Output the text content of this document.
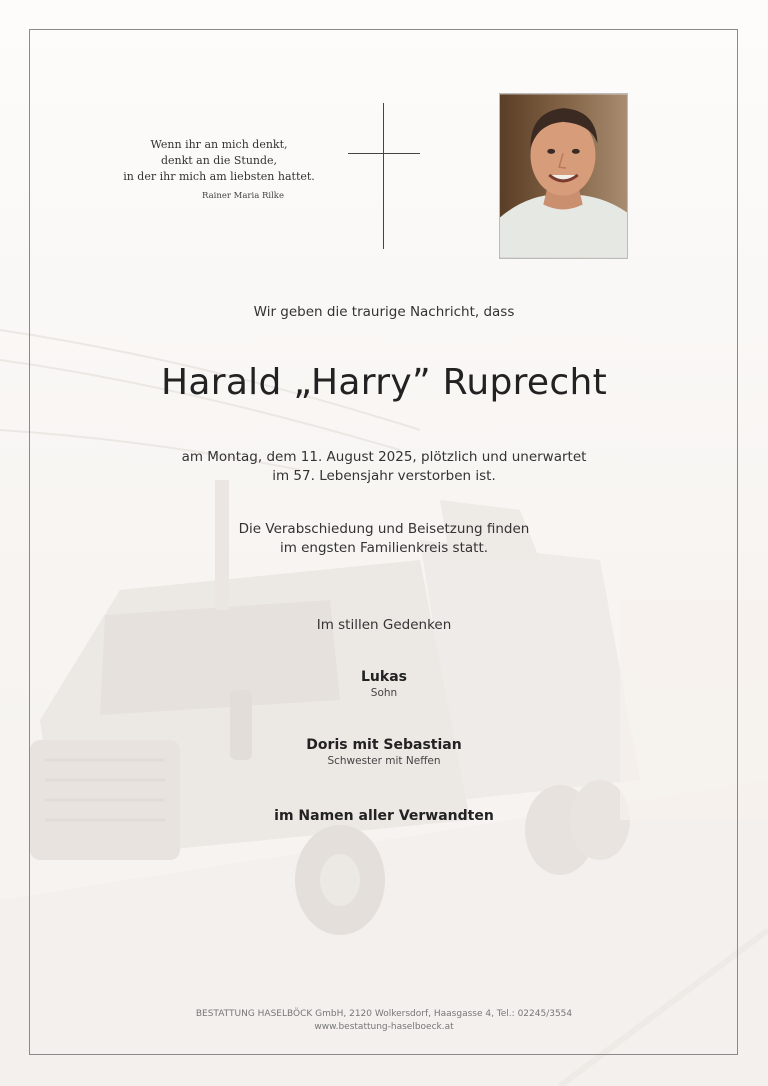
Wenn ihr an mich denkt,
denkt an die Stunde,
in der ihr mich am liebsten hattet.
Rainer Maria Rilke
Wir geben die traurige Nachricht, dass
Harald „Harry” Ruprecht
am Montag, dem 11. August 2025, plötzlich und unerwartet
im 57. Lebensjahr verstorben ist.
Die Verabschiedung und Beisetzung finden
im engsten Familienkreis statt.
Im stillen Gedenken
Lukas
Sohn
Doris mit Sebastian
Schwester mit Neffen
im Namen aller Verwandten
BESTATTUNG HASELBÖCK GmbH, 2120 Wolkersdorf, Haasgasse 4, Tel.: 02245/3554
www.bestattung-haselboeck.at
